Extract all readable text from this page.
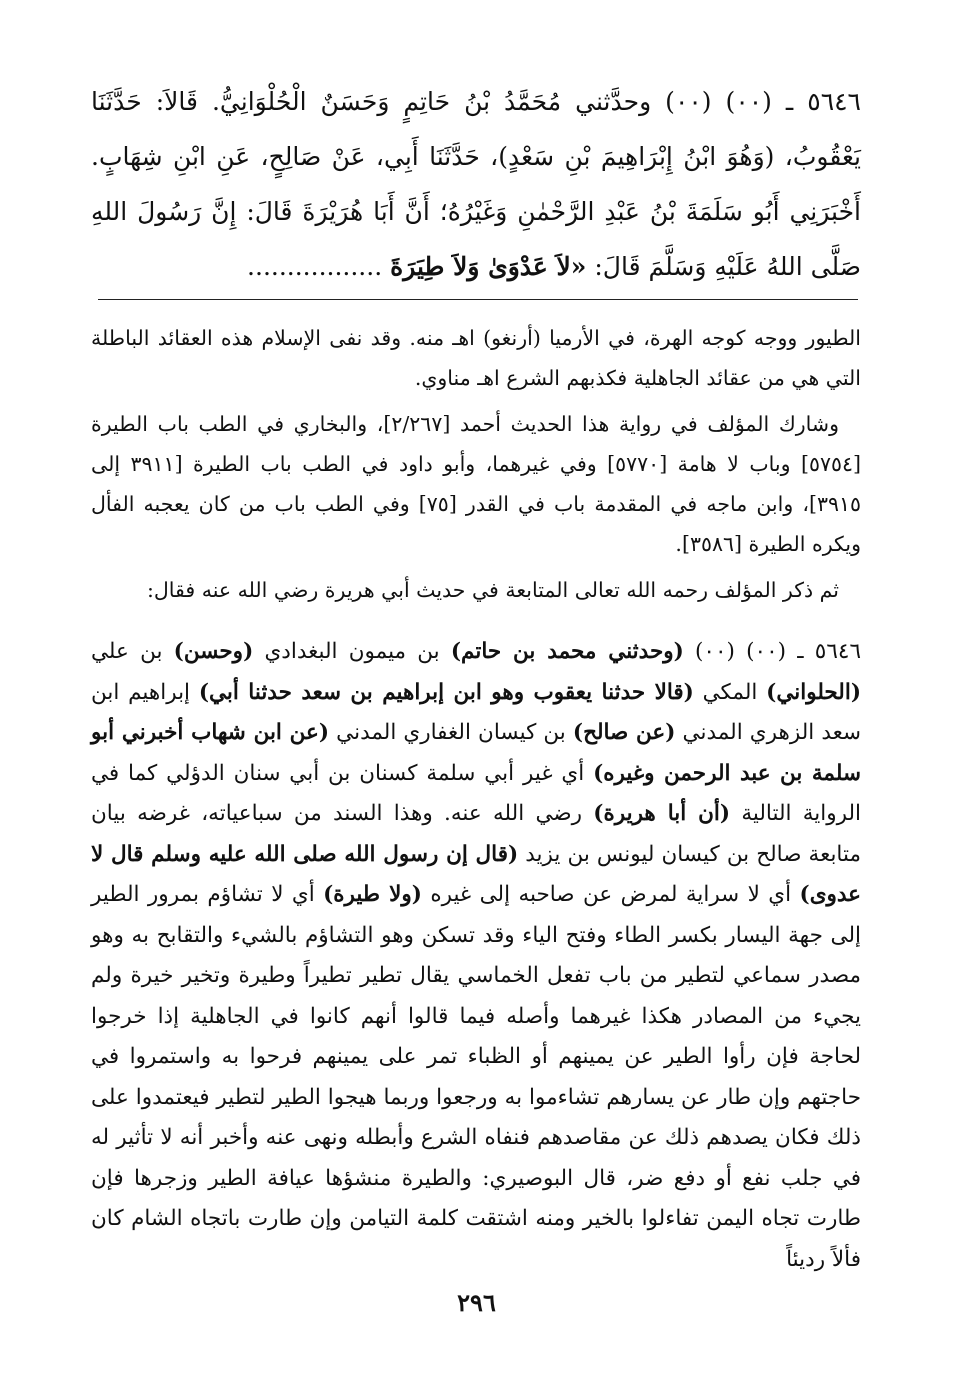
٥٦٤٦ ـ (٠٠) (٠٠) وحدَّثني مُحَمَّدُ بْنُ حَاتِمٍ وَحَسَنٌ الْحُلْوَانِيُّ. قَالاَ: حَدَّثَنَا يَعْقُوبُ، (وَهُوَ ابْنُ إِبْرَاهِيمَ بْنِ سَعْدٍ)، حَدَّثَنَا أَبِي، عَنْ صَالِحٍ، عَنِ ابْنِ شِهَابٍ. أَخْبَرَنِي أَبُو سَلَمَةَ بْنُ عَبْدِ الرَّحْمٰنِ وَغَيْرُهُ؛ أَنَّ أَبَا هُرَيْرَةَ قَالَ: إِنَّ رَسُولَ اللهِ صَلَّى اللهُ عَلَيْهِ وَسَلَّمَ قَالَ: «لاَ عَدْوَىٰ وَلاَ طِيَرَةَ .................

الطيور ووجه كوجه الهرة، في الأرميا (أرنغو) اهـ منه. وقد نفى الإسلام هذه العقائد الباطلة التي هي من عقائد الجاهلية فكذبهم الشرع اهـ مناوي.

وشارك المؤلف في رواية هذا الحديث أحمد [٢/٢٦٧]، والبخاري في الطب باب الطيرة [٥٧٥٤] وباب لا هامة [٥٧٧٠] وفي غيرهما، وأبو داود في الطب باب الطيرة [٣٩١١ إلى ٣٩١٥]، وابن ماجه في المقدمة باب في القدر [٧٥] وفي الطب باب من كان يعجبه الفأل ويكره الطيرة [٣٥٨٦].

ثم ذكر المؤلف رحمه الله تعالى المتابعة في حديث أبي هريرة رضي الله عنه فقال:

٥٦٤٦ ـ (٠٠) (٠٠) (وحدثني محمد بن حاتم) بن ميمون البغدادي (وحسن) بن علي (الحلواني) المكي (قالا حدثنا يعقوب وهو ابن إبراهيم بن سعد حدثنا أبي) إبراهيم ابن سعد الزهري المدني (عن صالح) بن كيسان الغفاري المدني (عن ابن شهاب أخبرني أبو سلمة بن عبد الرحمن وغيره) أي غير أبي سلمة كسنان بن أبي سنان الدؤلي كما في الرواية التالية (أن أبا هريرة) رضي الله عنه. وهذا السند من سباعياته، غرضه بيان متابعة صالح بن كيسان ليونس بن يزيد (قال إن رسول الله صلى الله عليه وسلم قال لا عدوى) أي لا سراية لمرض عن صاحبه إلى غيره (ولا طيرة) أي لا تشاؤم بمرور الطير إلى جهة اليسار بكسر الطاء وفتح الياء وقد تسكن وهو التشاؤم بالشيء والتقابح به وهو مصدر سماعي لتطير من باب تفعل الخماسي يقال تطير تطيراً وطيرة وتخير خيرة ولم يجيء من المصادر هكذا غيرهما وأصله فيما قالوا أنهم كانوا في الجاهلية إذا خرجوا لحاجة فإن رأوا الطير عن يمينهم أو الظباء تمر على يمينهم فرحوا به واستمروا في حاجتهم وإن طار عن يسارهم تشاءموا به ورجعوا وربما هيجوا الطير لتطير فيعتمدوا على ذلك فكان يصدهم ذلك عن مقاصدهم فنفاه الشرع وأبطله ونهى عنه وأخبر أنه لا تأثير له في جلب نفع أو دفع ضر، قال البوصيري: والطيرة منشؤها عيافة الطير وزجرها فإن طارت تجاه اليمن تفاءلوا بالخير ومنه اشتقت كلمة التيامن وإن طارت باتجاه الشام كان فألاً رديئاً

٢٩٦
